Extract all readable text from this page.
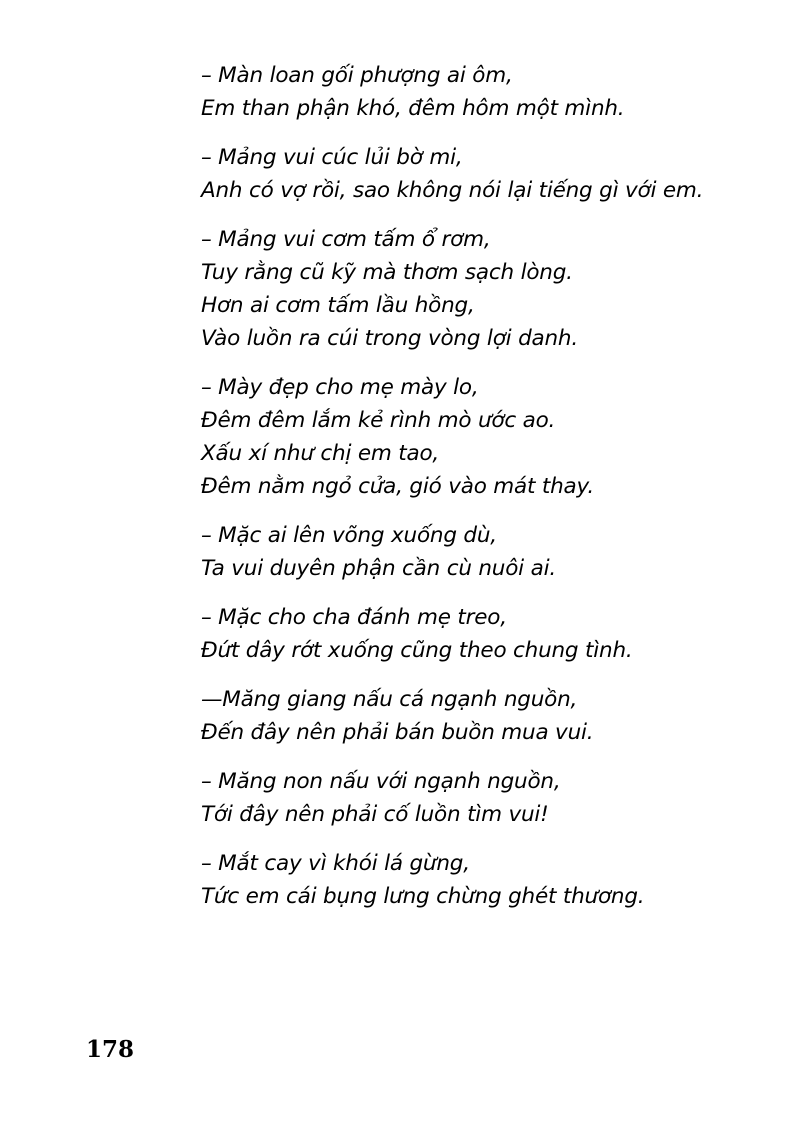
– Màn loan gối phượng ai ôm,
Em than phận khó, đêm hôm một mình.
– Mảng vui cúc lủi bờ mi,
Anh có vợ rồi, sao không nói lại tiếng gì với em.
– Mảng vui cơm tấm ổ rơm,
Tuy rằng cũ kỹ mà thơm sạch lòng.
Hơn ai cơm tấm lầu hồng,
Vào luồn ra cúi trong vòng lợi danh.
– Mày đẹp cho mẹ mày lo,
Đêm đêm lắm kẻ rình mò ước ao.
Xấu xí như chị em tao,
Đêm nằm ngỏ cửa, gió vào mát thay.
– Mặc ai lên võng xuống dù,
Ta vui duyên phận cần cù nuôi ai.
– Mặc cho cha đánh mẹ treo,
Đứt dây rớt xuống cũng theo chung tình.
—Măng giang nấu cá ngạnh nguồn,
Đến đây nên phải bán buồn mua vui.
– Măng non nấu với ngạnh nguồn,
Tới đây nên phải cố luồn tìm vui!
– Mắt cay vì khói lá gừng,
Tức em cái bụng lưng chừng ghét thương.
178
